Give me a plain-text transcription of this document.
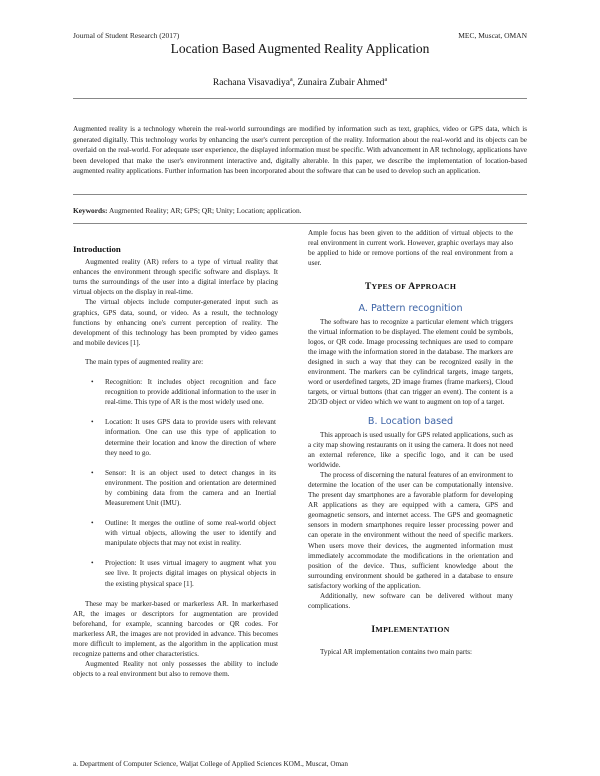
Journal of Student Research (2017)	MEC, Muscat, OMAN
Location Based Augmented Reality Application
Rachana Visavadiya$^a$, Zunaira Zubair Ahmed$^a$

Augmented reality is a technology wherein the real-world surroundings are modified by information such as text, graphics, video or GPS data, which is generated digitally. This technology works by enhancing the user's current perception of the reality. Information about the real-world and its objects can be overlaid on the real-world. For adequate user experience, the displayed information must be specific. With advancement in AR technology, applications have been developed that make the user's environment interactive and, digitally alterable. In this paper, we describe the implementation of location-based augmented reality applications. Further information has been incorporated about the software that can be used to develop such an application.

Keywords: Augmented Reality; AR; GPS; QR; Unity; Location; application.

Introduction

Augmented reality (AR) refers to a type of virtual reality that enhances the environment through specific software and displays. It turns the surroundings of the user into a digital interface by placing virtual objects on the display in real-time.

The virtual objects include computer-generated input such as graphics, GPS data, sound, or video. As a result, the technology functions by enhancing one's current perception of reality. The development of this technology has been prompted by video games and mobile devices [1].

The main types of augmented reality are:

• Recognition: It includes object recognition and face recognition to provide additional information to the user in real-time. This type of AR is the most widely used one.
• Location: It uses GPS data to provide users with relevant information. One can use this type of application to determine their location and know the direction of where they need to go.
• Sensor: It is an object used to detect changes in its environment. The position and orientation are determined by combining data from the camera and an Inertial Measurement Unit (IMU).
• Outline: It merges the outline of some real-world object with virtual objects, allowing the user to identify and manipulate objects that may not exist in reality.
• Projection: It uses virtual imagery to augment what you see live. It projects digital images on physical objects in the existing physical space [1].

These may be marker-based or markerless AR. In markerhased AR, the images or descriptors for augmentation are provided beforehand, for example, scanning barcodes or QR codes. For markerless AR, the images are not provided in advance. This becomes more difficult to implement, as the algorithm in the application must recognize patterns and other characteristics.

Augmented Reality not only possesses the ability to include objects to a real environment but also to remove them.

Ample focus has been given to the addition of virtual objects to the real environment in current work. However, graphic overlays may also be applied to hide or remove portions of the real environment from a user.

TYPES OF APPROACH
A. Pattern recognition

The software has to recognize a particular element which triggers the virtual information to be displayed. The element could be symbols, logos, or QR code. Image processing techniques are used to compare the image with the information stored in the database. The markers are designed in such a way that they can be recognized easily in the environment. The markers can be cylindrical targets, image targets, word or userdefined targets, 2D image frames (frame markers), Cloud targets, or virtual buttons (that can trigger an event). The content is a 2D/3D object or video which we want to augment on top of a target.

B. Location based

This approach is used usually for GPS related applications, such as a city map showing restaurants on it using the camera. It does not need an external reference, like a specific logo, and it can be used worldwide.

The process of discerning the natural features of an environment to determine the location of the user can be computationally intensive. The present day smartphones are a favorable platform for developing AR applications as they are equipped with a camera, GPS and geomagnetic sensors, and internet access. The GPS and geomagnetic sensors in modern smartphones require lesser processing power and can operate in the environment without the need of specific markers. When users move their devices, the augmented information must immediately accommodate the modifications in the orientation and position of the device. Thus, sufficient knowledge about the surrounding environment should be gathered in a database to ensure satisfactory working of the application.

Additionally, new software can be delivered without many complications.

IMPLEMENTATION

Typical AR implementation contains two main parts:

a. Department of Computer Science, Waljat College of Applied Sciences KOM., Muscat, Oman
